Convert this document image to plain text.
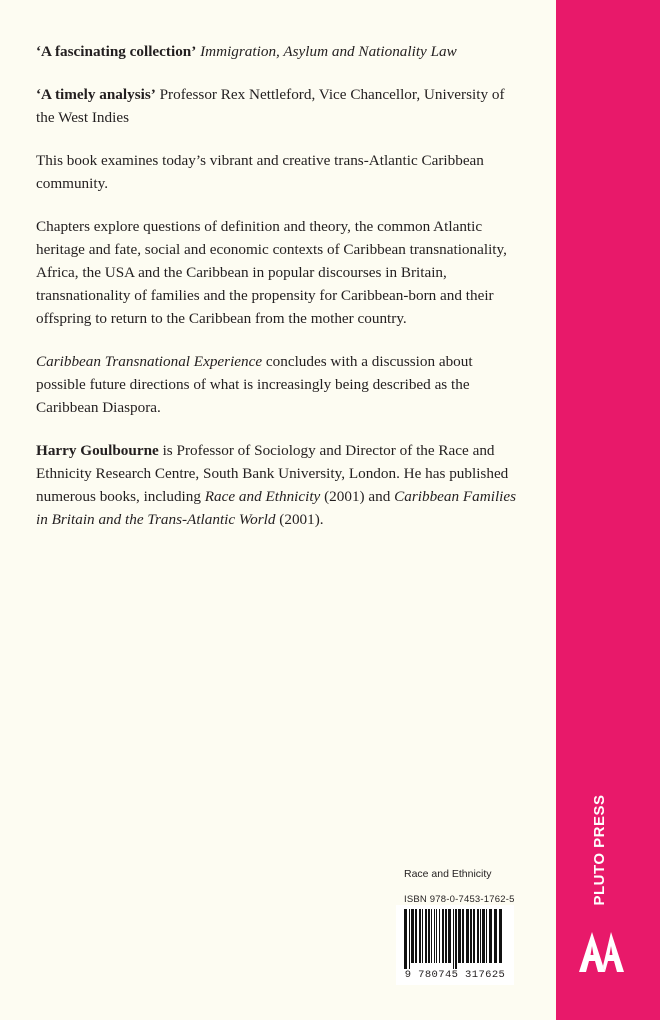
‘A fascinating collection’ Immigration, Asylum and Nationality Law

‘A timely analysis’ Professor Rex Nettleford, Vice Chancellor, University of the West Indies

This book examines today’s vibrant and creative trans-Atlantic Caribbean community.

Chapters explore questions of definition and theory, the common Atlantic heritage and fate, social and economic contexts of Caribbean transnationality, Africa, the USA and the Caribbean in popular discourses in Britain, transnationality of families and the propensity for Caribbean-born and their offspring to return to the Caribbean from the mother country.

Caribbean Transnational Experience concludes with a discussion about possible future directions of what is increasingly being described as the Caribbean Diaspora.

Harry Goulbourne is Professor of Sociology and Director of the Race and Ethnicity Research Centre, South Bank University, London. He has published numerous books, including Race and Ethnicity (2001) and Caribbean Families in Britain and the Trans-Atlantic World (2001).

Race and Ethnicity
ISBN 978-0-7453-1762-5
9 780745 317625
PLUTO PRESS
